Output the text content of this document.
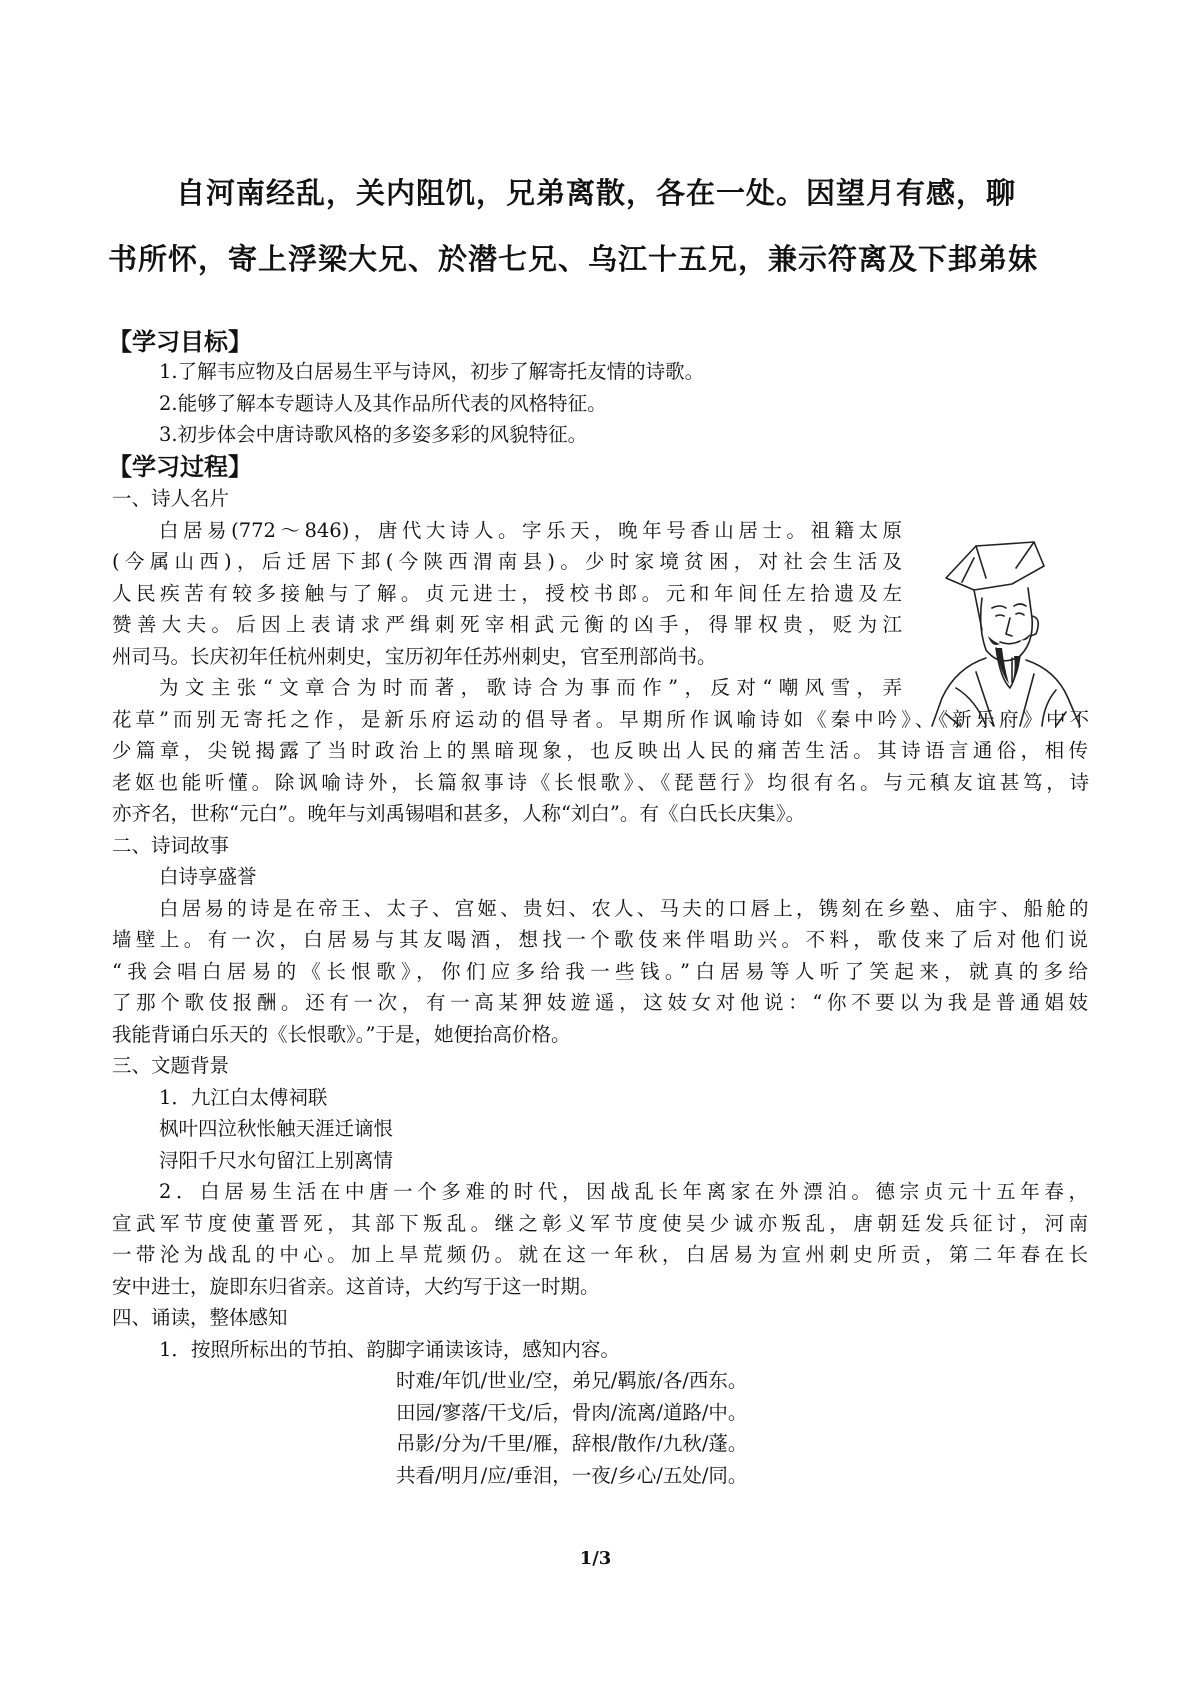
自河南经乱，关内阻饥，兄弟离散，各在一处。因望月有感，聊
书所怀，寄上浮梁大兄、於潜七兄、乌江十五兄，兼示符离及下邽弟妹
【学习目标】
1.了解韦应物及白居易生平与诗风，初步了解寄托友情的诗歌。
2.能够了解本专题诗人及其作品所代表的风格特征。
3.初步体会中唐诗歌风格的多姿多彩的风貌特征。
【学习过程】
一、诗人名片
白居易(772～846)，唐代大诗人。字乐天，晚年号香山居士。祖籍太原
(今属山西)，后迁居下邽(今陕西渭南县)。少时家境贫困，对社会生活及
人民疾苦有较多接触与了解。贞元进士，授校书郎。元和年间任左拾遗及左
赞善大夫。后因上表请求严缉刺死宰相武元衡的凶手，得罪权贵，贬为江
州司马。长庆初年任杭州刺史，宝历初年任苏州刺史，官至刑部尚书。
为文主张“文章合为时而著，歌诗合为事而作”，反对“嘲风雪，弄
花草”而别无寄托之作，是新乐府运动的倡导者。早期所作讽喻诗如《秦中吟》、《新乐府》中不
少篇章，尖锐揭露了当时政治上的黑暗现象，也反映出人民的痛苦生活。其诗语言通俗，相传
老妪也能听懂。除讽喻诗外，长篇叙事诗《长恨歌》、《琵琶行》均很有名。与元稹友谊甚笃，诗
亦齐名，世称“元白”。晚年与刘禹锡唱和甚多，人称“刘白”。有《白氏长庆集》。
二、诗词故事
白诗享盛誉
白居易的诗是在帝王、太子、宫姬、贵妇、农人、马夫的口唇上，镌刻在乡塾、庙宇、船舱的
墙壁上。有一次，白居易与其友喝酒，想找一个歌伎来伴唱助兴。不料，歌伎来了后对他们说
“我会唱白居易的《长恨歌》，你们应多给我一些钱。”白居易等人听了笑起来，就真的多给
了那个歌伎报酬。还有一次，有一高某狎妓遊遥，这妓女对他说：“你不要以为我是普通娼妓
我能背诵白乐天的《长恨歌》。”于是，她便抬高价格。
三、文题背景
1．九江白太傅祠联
枫叶四泣秋怅触天涯迁谪恨
浔阳千尺水句留江上别离情
2．白居易生活在中唐一个多难的时代，因战乱长年离家在外漂泊。德宗贞元十五年春，
宣武军节度使董晋死，其部下叛乱。继之彰义军节度使吴少诚亦叛乱，唐朝廷发兵征讨，河南
一带沦为战乱的中心。加上旱荒频仍。就在这一年秋，白居易为宣州刺史所贡，第二年春在长
安中进士，旋即东归省亲。这首诗，大约写于这一时期。
四、诵读，整体感知
1．按照所标出的节拍、韵脚字诵读该诗，感知内容。
时难/年饥/世业/空，弟兄/羁旅/各/西东。
田园/寥落/干戈/后，骨肉/流离/道路/中。
吊影/分为/千里/雁，辞根/散作/九秋/蓬。
共看/明月/应/垂泪，一夜/乡心/五处/同。
1/3
